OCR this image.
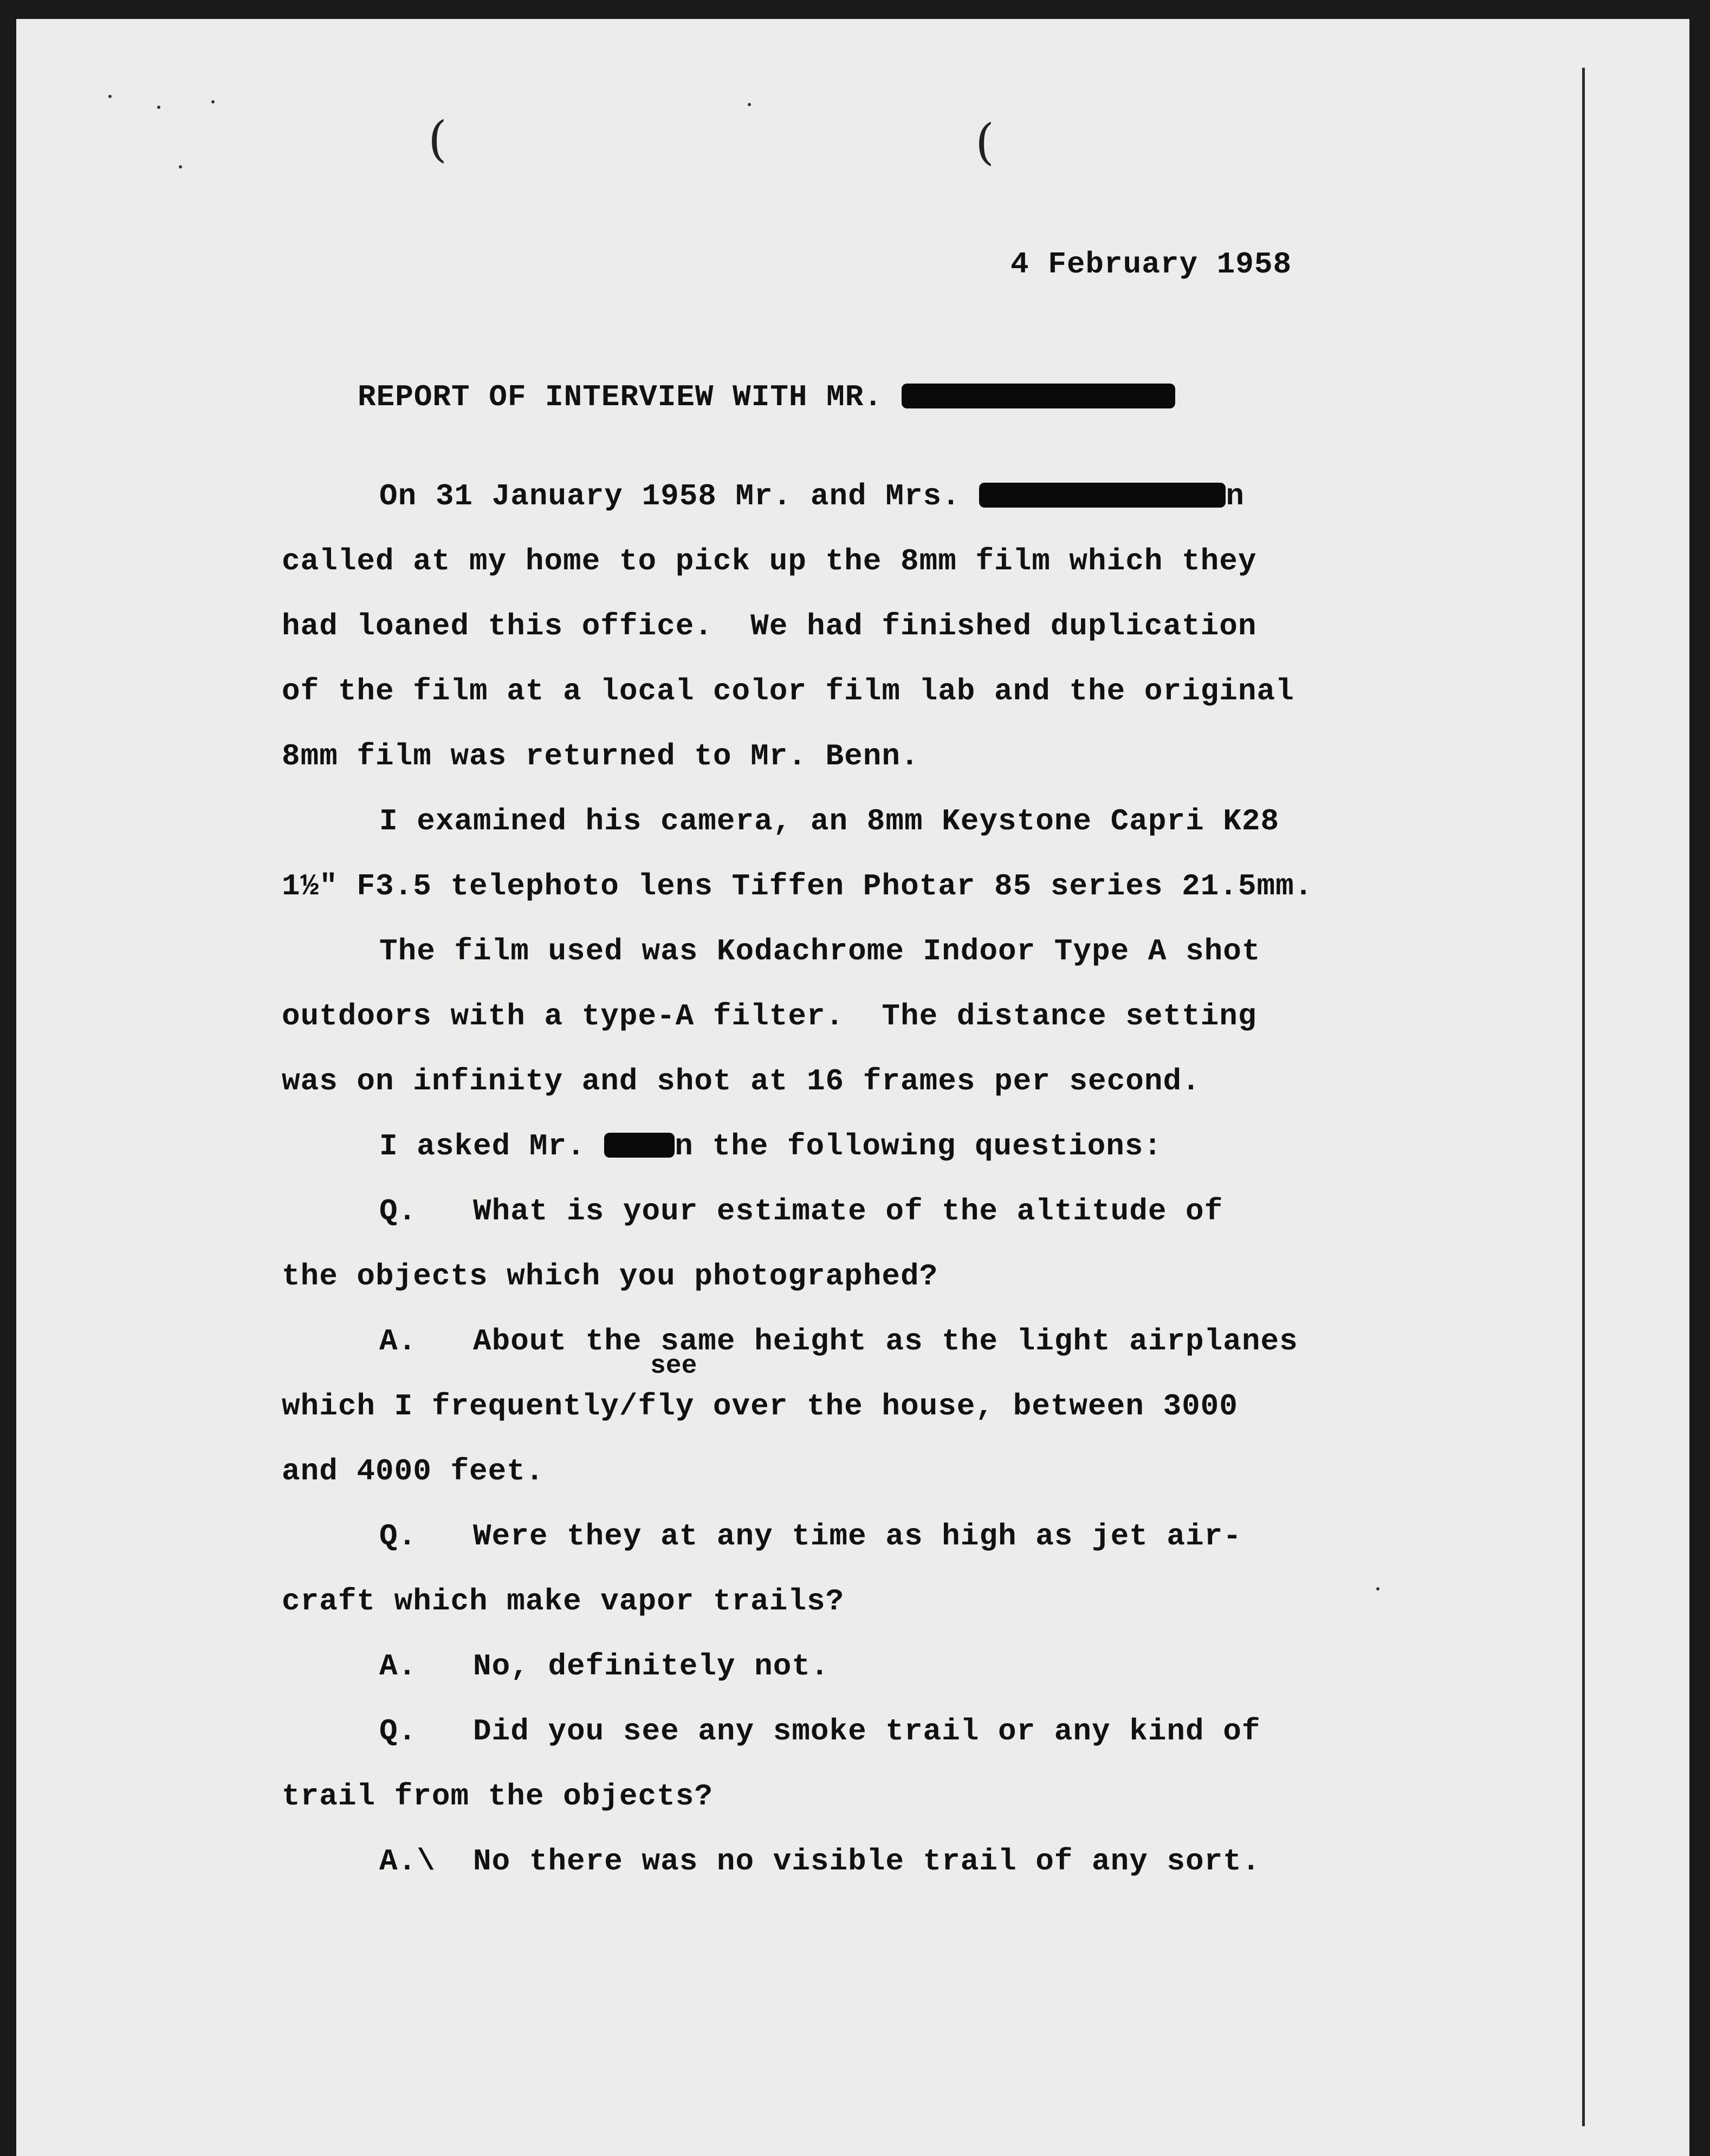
(	(
4 February 1958
REPORT OF INTERVIEW WITH MR.
On 31 January 1958 Mr. and Mrs.	n
called at my home to pick up the 8mm film which they
had loaned this office.  We had finished duplication
of the film at a local color film lab and the original
8mm film was returned to Mr. Benn.
I examined his camera, an 8mm Keystone Capri K28
1½" F3.5 telephoto lens Tiffen Photar 85 series 21.5mm.
The film used was Kodachrome Indoor Type A shot
outdoors with a type-A filter.  The distance setting
was on infinity and shot at 16 frames per second.
I asked Mr. n the following questions:
Q.   What is your estimate of the altitude of
the objects which you photographed?
A.   About the same height as the light airplanes
which I frequently/fly over the house, between 3000
and 4000 feet.
Q.   Were they at any time as high as jet air-
craft which make vapor trails?
A.   No, definitely not.
Q.   Did you see any smoke trail or any kind of
trail from the objects?
A.\  No there was no visible trail of any sort.
see
